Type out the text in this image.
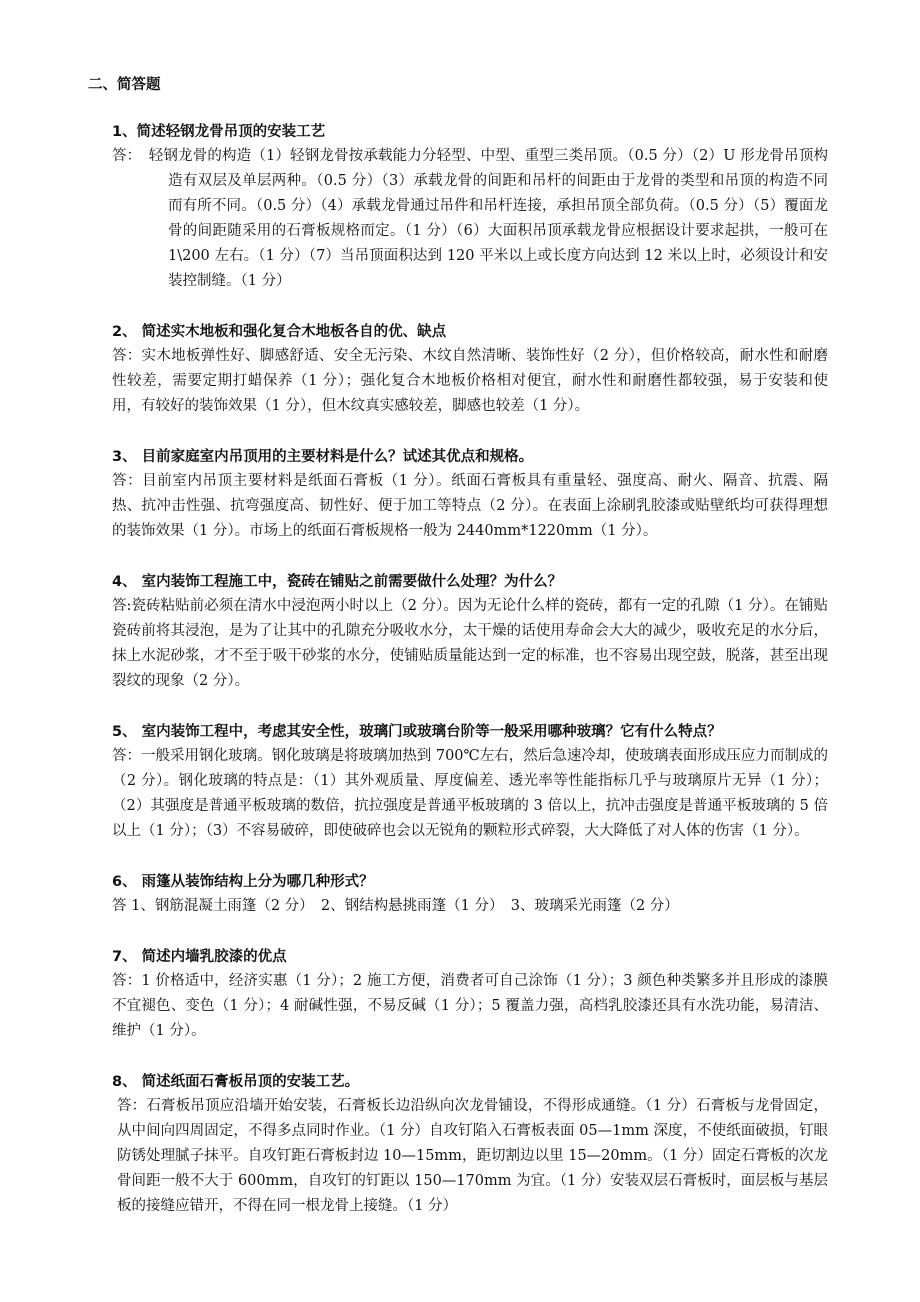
二、简答题
1、简述轻钢龙骨吊顶的安装工艺
答：　轻钢龙骨的构造（1）轻钢龙骨按承载能力分轻型、中型、重型三类吊顶。（0.5 分）（2）U 形龙骨吊顶构造有双层及单层两种。（0.5 分）（3）承载龙骨的间距和吊杆的间距由于龙骨的类型和吊顶的构造不同而有所不同。（0.5 分）（4）承载龙骨通过吊件和吊杆连接，承担吊顶全部负荷。（0.5 分）（5）覆面龙骨的间距随采用的石膏板规格而定。（1 分）（6）大面积吊顶承载龙骨应根据设计要求起拱，一般可在 1\200 左右。（1 分）（7）当吊顶面积达到 120 平米以上或长度方向达到 12 米以上时，必须设计和安装控制缝。（1 分）
2、 简述实木地板和强化复合木地板各自的优、缺点
答：实木地板弹性好、脚感舒适、安全无污染、木纹自然清晰、装饰性好（2 分），但价格较高，耐水性和耐磨性较差，需要定期打蜡保养（1 分）；强化复合木地板价格相对便宜，耐水性和耐磨性都较强，易于安装和使用，有较好的装饰效果（1 分），但木纹真实感较差，脚感也较差（1 分）。
3、 目前家庭室内吊顶用的主要材料是什么？试述其优点和规格。
答：目前室内吊顶主要材料是纸面石膏板（1 分）。纸面石膏板具有重量轻、强度高、耐火、隔音、抗震、隔热、抗冲击性强、抗弯强度高、韧性好、便于加工等特点（2 分）。在表面上涂刷乳胶漆或贴壁纸均可获得理想的装饰效果（1 分）。市场上的纸面石膏板规格一般为 2440mm*1220mm（1 分）。
4、 室内装饰工程施工中，瓷砖在铺贴之前需要做什么处理？为什么？
答:瓷砖粘贴前必须在清水中浸泡两小时以上（2 分）。因为无论什么样的瓷砖，都有一定的孔隙（1 分）。在铺贴瓷砖前将其浸泡，是为了让其中的孔隙充分吸收水分，太干燥的话使用寿命会大大的减少，吸收充足的水分后，抹上水泥砂浆，才不至于吸干砂浆的水分，使铺贴质量能达到一定的标准，也不容易出现空鼓，脱落，甚至出现裂纹的现象（2 分）。
5、 室内装饰工程中，考虑其安全性，玻璃门或玻璃台阶等一般采用哪种玻璃？它有什么特点？
答：一般采用钢化玻璃。钢化玻璃是将玻璃加热到 700℃左右，然后急速冷却，使玻璃表面形成压应力而制成的（2 分）。钢化玻璃的特点是：（1）其外观质量、厚度偏差、透光率等性能指标几乎与玻璃原片无异（1 分）；（2）其强度是普通平板玻璃的数倍，抗拉强度是普通平板玻璃的 3 倍以上，抗冲击强度是普通平板玻璃的 5 倍以上（1 分）；（3）不容易破碎，即使破碎也会以无锐角的颗粒形式碎裂，大大降低了对人体的伤害（1 分）。
6、 雨篷从装饰结构上分为哪几种形式？
答 1、钢筋混凝土雨篷（2 分）　2、钢结构悬挑雨篷（1 分）　3、玻璃采光雨篷（2 分）
7、 简述内墙乳胶漆的优点
答：1 价格适中，经济实惠（1 分）；2 施工方便，消费者可自己涂饰（1 分）；3 颜色种类繁多并且形成的漆膜不宜褪色、变色（1 分）；4 耐碱性强，不易反碱（1 分）；5 覆盖力强，高档乳胶漆还具有水洗功能，易清洁、维护（1 分）。
8、 简述纸面石膏板吊顶的安装工艺。
答：石膏板吊顶应沿墙开始安装，石膏板长边沿纵向次龙骨铺设，不得形成通缝。（1 分）石膏板与龙骨固定，从中间向四周固定，不得多点同时作业。（1 分）自攻钉陷入石膏板表面 05—1mm 深度，不使纸面破损，钉眼防锈处理腻子抹平。自攻钉距石膏板封边 10—15mm，距切割边以里 15—20mm。（1 分）固定石膏板的次龙骨间距一般不大于 600mm，自攻钉的钉距以 150—170mm 为宜。（1 分）安装双层石膏板时，面层板与基层板的接缝应错开，不得在同一根龙骨上接缝。（1 分）
